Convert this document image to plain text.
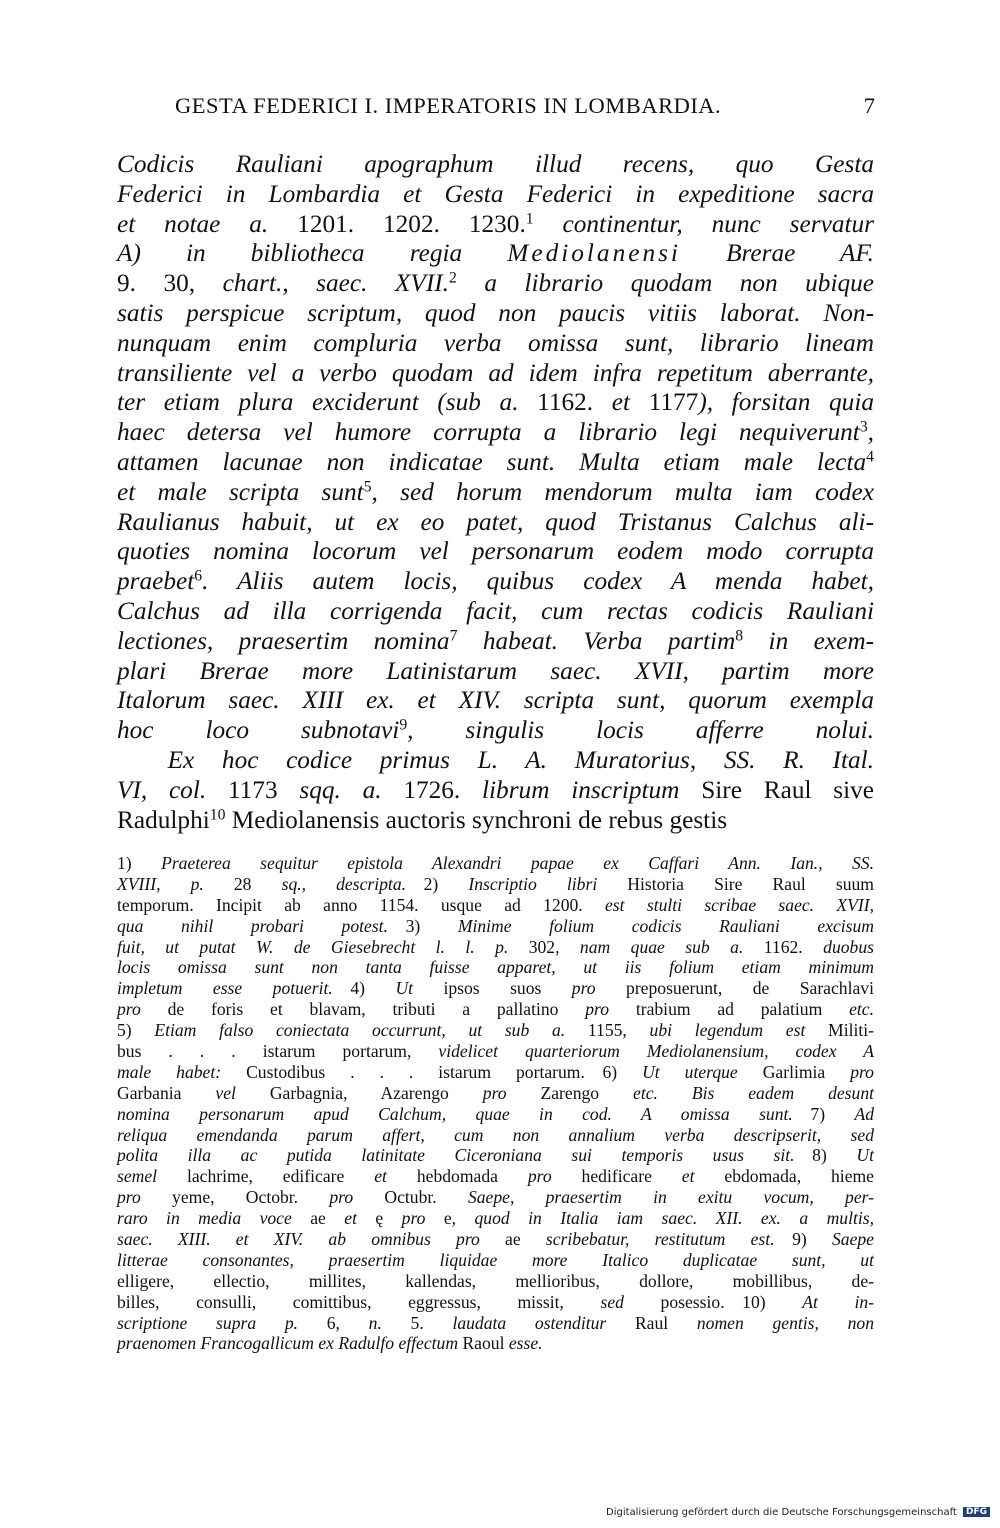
GESTA FEDERICI I. IMPERATORIS IN LOMBARDIA.	7
Codicis Rauliani apographum illud recens, quo Gesta
Federici in Lombardia et Gesta Federici in expeditione sacra
et notae a. 1201. 1202. 1230.$^1$ continentur, nunc servatur
A) in bibliotheca regia Mediolanensi Brerae AF.
9. 30, chart., saec. XVII.$^2$ a librario quodam non ubique
satis perspicue scriptum, quod non paucis vitiis laborat. Non-
nunquam enim compluria verba omissa sunt, librario lineam
transiliente vel a verbo quodam ad idem infra repetitum aberrante,
ter etiam plura exciderunt (sub a. 1162. et 1177), forsitan quia
haec detersa vel humore corrupta a librario legi nequiverunt$^3$,
attamen lacunae non indicatae sunt. Multa etiam male lecta$^4$
et male scripta sunt$^5$, sed horum mendorum multa iam codex
Raulianus habuit, ut ex eo patet, quod Tristanus Calchus ali-
quoties nomina locorum vel personarum eodem modo corrupta
praebet$^6$. Aliis autem locis, quibus codex A menda habet,
Calchus ad illa corrigenda facit, cum rectas codicis Rauliani
lectiones, praesertim nomina$^7$ habeat. Verba partim$^8$ in exem-
plari Brerae more Latinistarum saec. XVII, partim more
Italorum saec. XIII ex. et XIV. scripta sunt, quorum exempla
hoc loco subnotavi$^9$, singulis locis afferre nolui.
  Ex hoc codice primus L. A. Muratorius, SS. R. Ital.
VI, col. 1173 sqq. a. 1726. librum inscriptum Sire Raul sive
Radulphi$^{10}$ Mediolanensis auctoris synchroni de rebus gestis
1) Praeterea sequitur epistola Alexandri papae ex Caffari Ann. Ian., SS.
XVIII, p. 28 sq., descripta. 2) Inscriptio libri Historia Sire Raul suum
temporum. Incipit ab anno 1154. usque ad 1200. est stulti scribae saec. XVII,
qua nihil probari potest. 3) Minime folium codicis Rauliani excisum
fuit, ut putat W. de Giesebrecht l. l. p. 302, nam quae sub a. 1162. duobus
locis omissa sunt non tanta fuisse apparet, ut iis folium etiam minimum
impletum esse potuerit. 4) Ut ipsos suos pro preposuerunt, de Sarachlavi
pro de foris et blavam, tributi a pallatino pro trabium ad palatium etc.
5) Etiam falso coniectata occurrunt, ut sub a. 1155, ubi legendum est Militi-
bus . . . istarum portarum, videlicet quarteriorum Mediolanensium, codex A
male habet: Custodibus . . . istarum portarum. 6) Ut uterque Garlimia pro
Garbania vel Garbagnia, Azarengo pro Zarengo etc. Bis eadem desunt
nomina personarum apud Calchum, quae in cod. A omissa sunt. 7) Ad
reliqua emendanda parum affert, cum non annalium verba descripserit, sed
polita illa ac putida latinitate Ciceroniana sui temporis usus sit. 8) Ut
semel lachrime, edificare et hebdomada pro hedificare et ebdomada, hieme
pro yeme, Octobr. pro Octubr. Saepe, praesertim in exitu vocum, per-
raro in media voce ae et ę pro e, quod in Italia iam saec. XII. ex. a multis,
saec. XIII. et XIV. ab omnibus pro ae scribebatur, restitutum est. 9) Saepe
litterae consonantes, praesertim liquidae more Italico duplicatae sunt, ut
elligere, ellectio, millites, kallendas, mellioribus, dollore, mobillibus, de-
billes, consulli, comittibus, eggressus, missit, sed posessio. 10) At in-
scriptione supra p. 6, n. 5. laudata ostenditur Raul nomen gentis, non
praenomen Francogallicum ex Radulfo effectum Raoul esse.
Digitalisierung gefördert durch die Deutsche Forschungsgemeinschaft DFG
